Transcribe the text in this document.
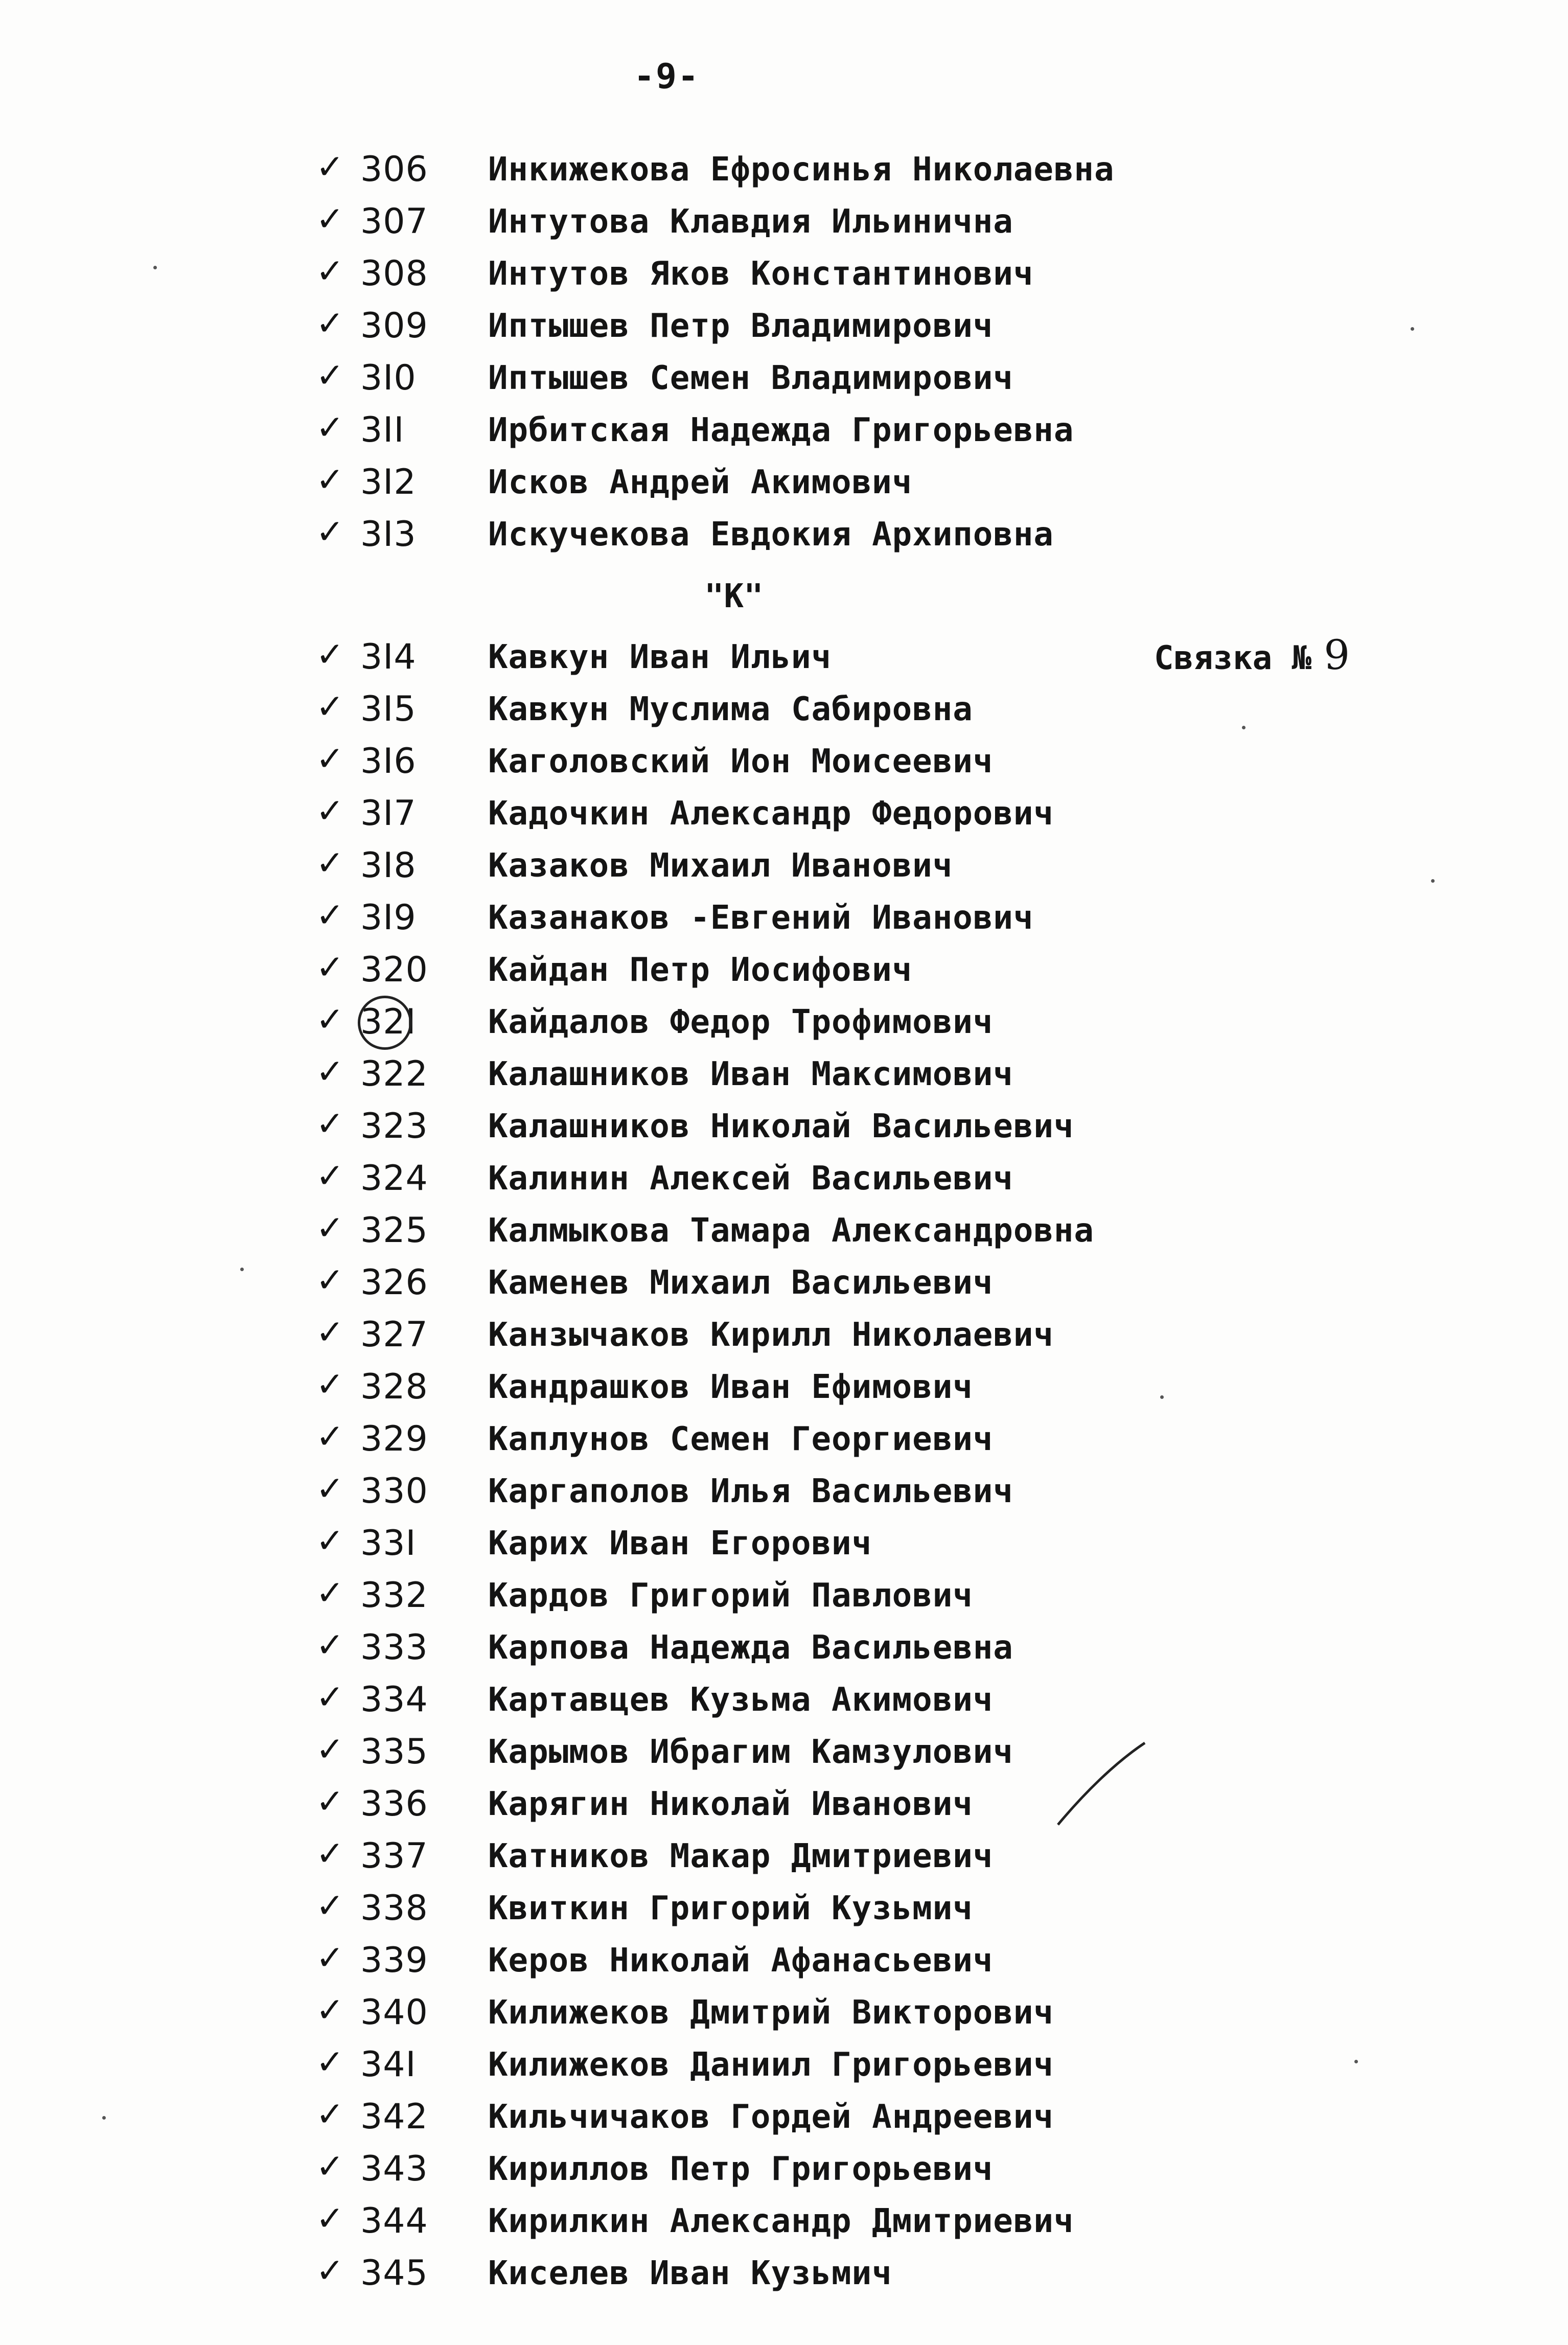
-9-
✓ 306 Инкижекова Ефросинья Николаевна
✓ 307 Интутова Клавдия Ильинична
✓ 308 Интутов Яков Константинович
✓ 309 Иптышев Петр Владимирович
✓ 3I0 Иптышев Семен Владимирович
✓ 3II	Ирбитская Надежда Григорьевна
✓ 3I2 Исков Андрей Акимович
✓ 3I3 Искучекова Евдокия Архиповна
✓ 3I4 Кавкун Иван Ильич
✓ 3I5 Кавкун Муслима Сабировна
✓ 3I6 Каголовский Ион Моисеевич
✓ 3I7 Кадочкин Александр Федорович
✓ 3I8 Казаков Михаил Иванович
✓ 3I9 Казанаков -Евгений Иванович
✓ 320 Кайдан Петр Иосифович
✓ 32I Кайдалов Федор Трофимович
✓ 322 Калашников Иван Максимович
✓ 323 Калашников Николай Васильевич
✓ 324 Калинин Алексей Васильевич
✓ 325 Калмыкова Тамара Александровна
✓ 326 Каменев Михаил Васильевич
✓ 327 Канзычаков Кирилл Николаевич
✓ 328 Кандрашков Иван Ефимович
✓ 329 Каплунов Семен Георгиевич
✓ 330 Каргаполов Илья Васильевич
✓ 33I Карих Иван Егорович
✓ 332 Кардов Григорий Павлович
✓ 333 Карпова Надежда Васильевна
✓ 334 Картавцев Кузьма Акимович
✓ 335 Карымов Ибрагим Камзулович
✓ 336 Карягин Николай Иванович
✓ 337 Катников Макар Дмитриевич
✓ 338 Квиткин Григорий Кузьмич
✓ 339 Керов Николай Афанасьевич
✓ 340 Килижеков Дмитрий Викторович
✓ 34I Килижеков Даниил Григорьевич
✓ 342 Кильчичаков Гордей Андреевич
✓ 343 Кириллов Петр Григорьевич
✓ 344 Кирилкин Александр Дмитриевич
✓ 345 Киселев Иван Кузьмич
"К"
Связка № 9
